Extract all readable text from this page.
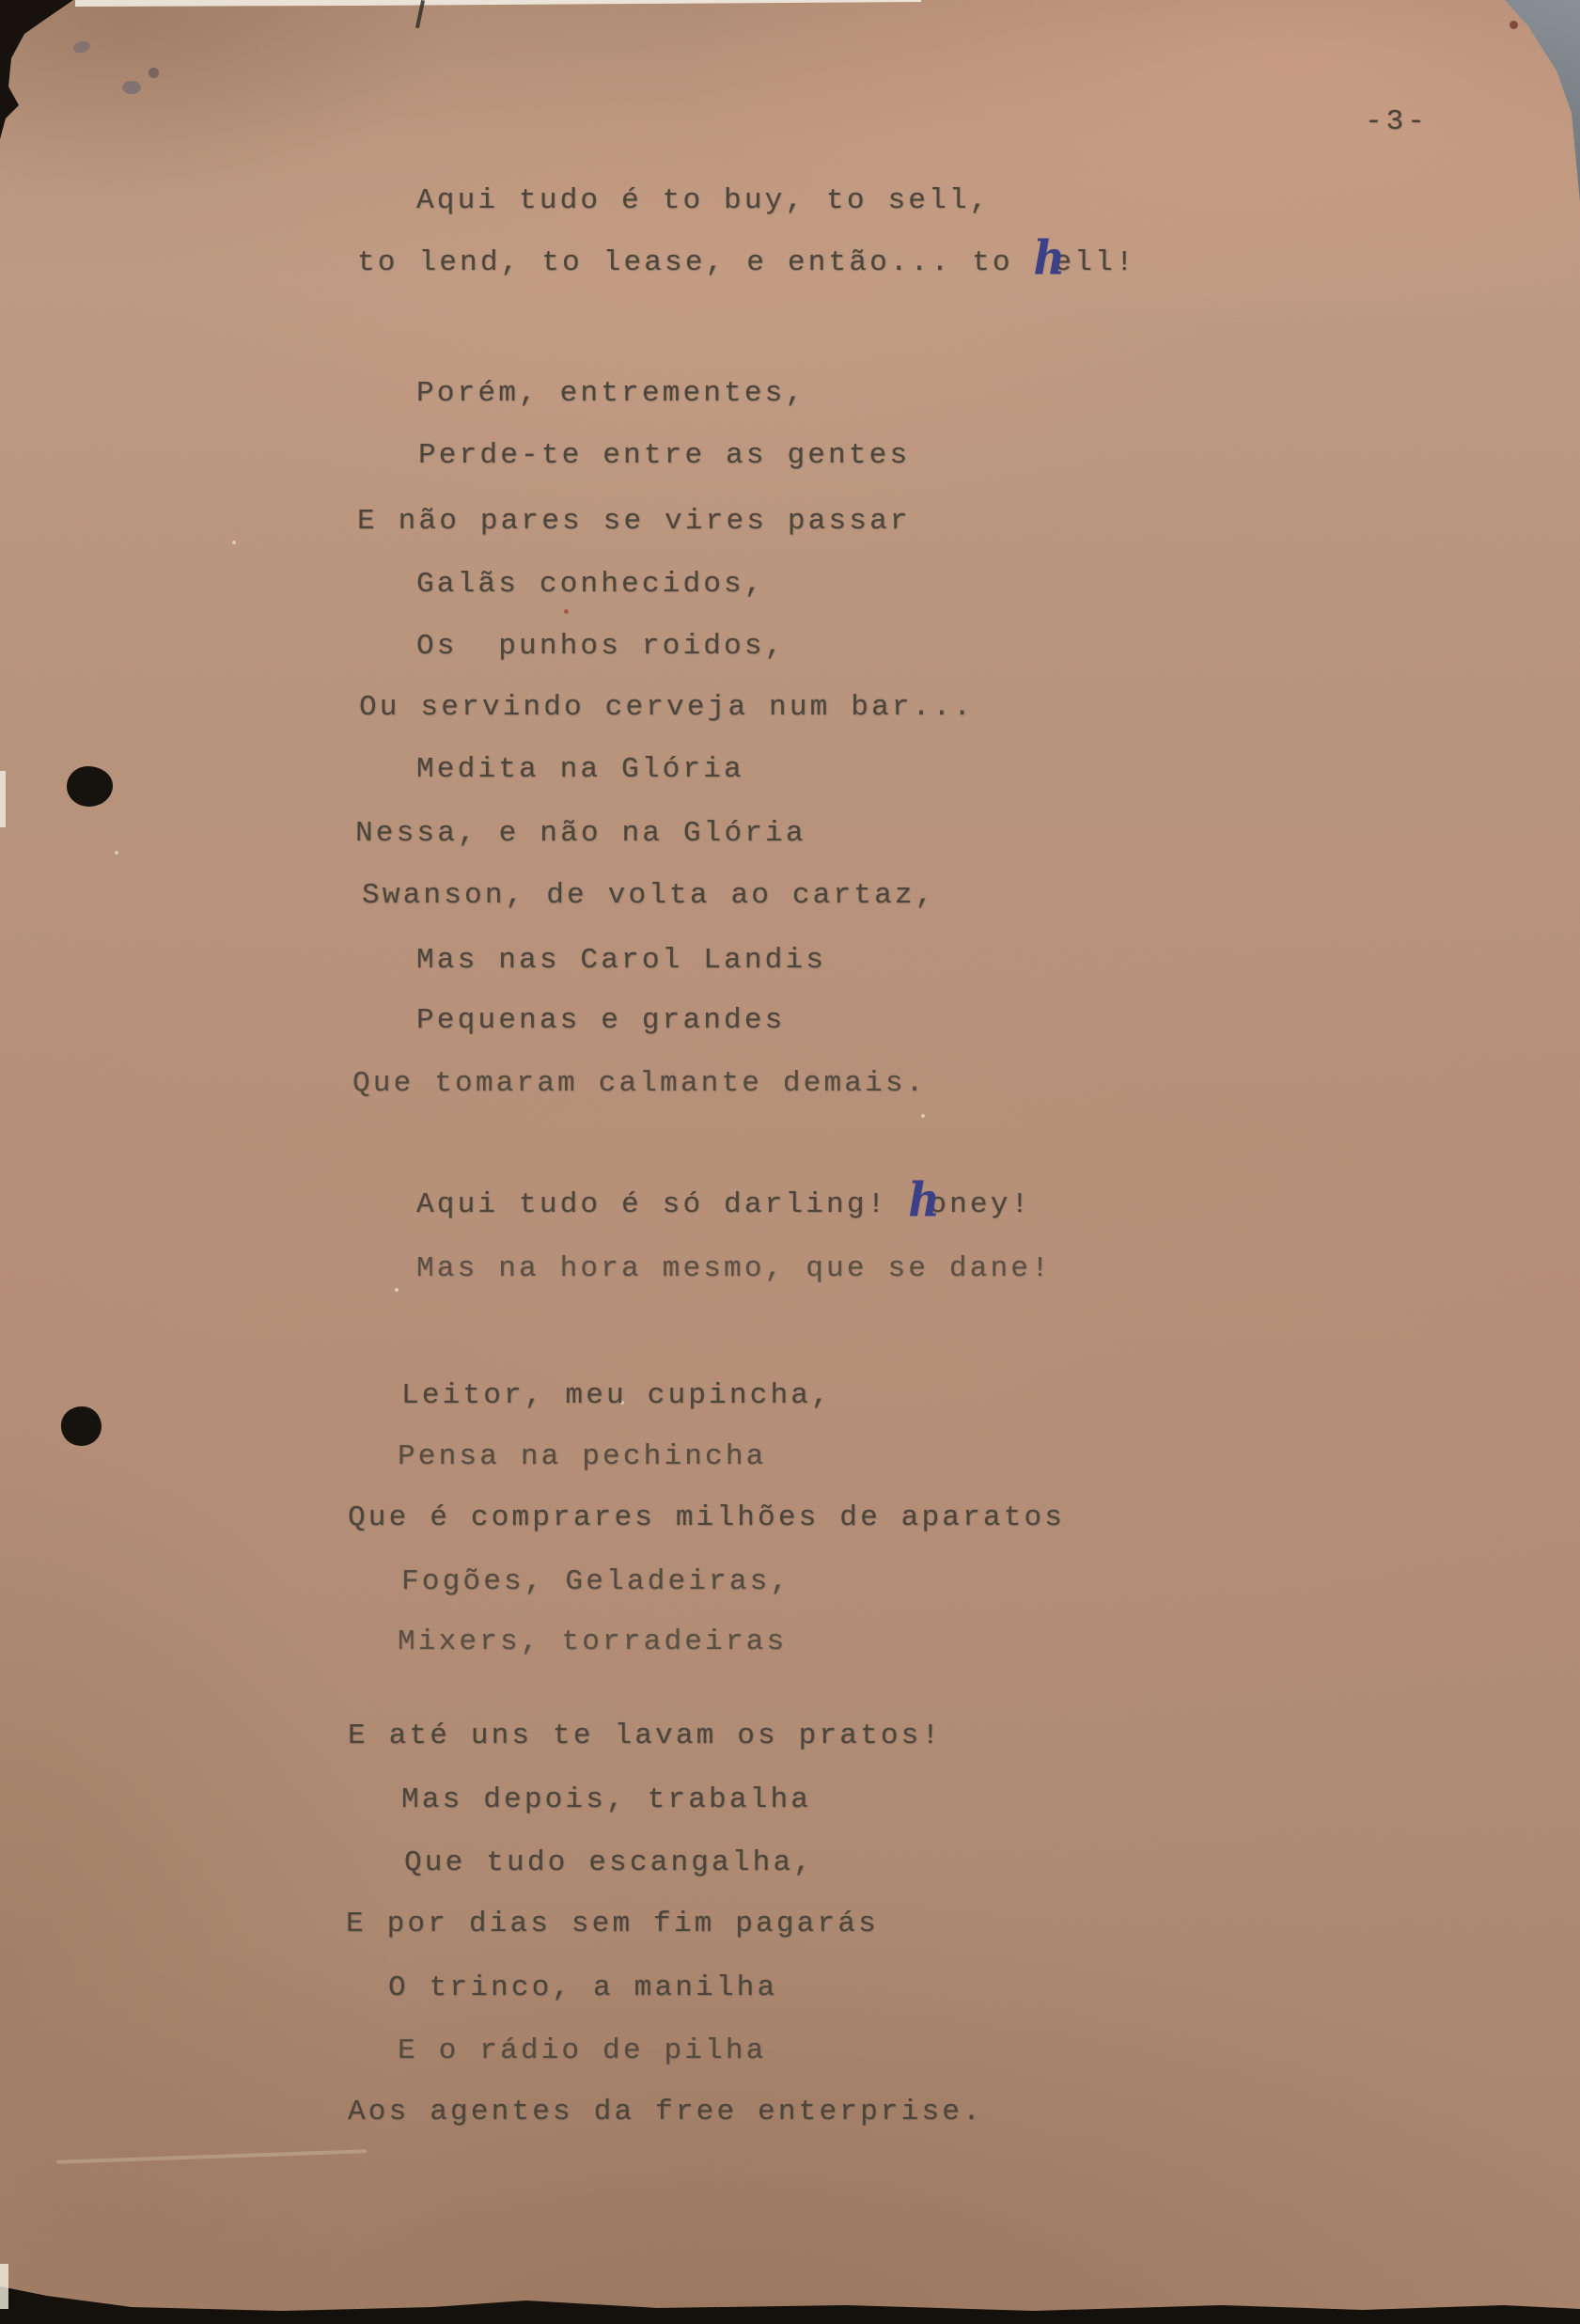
-3-
Aqui tudo é to buy, to sell,
to lend, to lease, e então... to hell!
Porém, entrementes,
Perde-te entre as gentes
E não pares se vires passar
Galãs conhecidos,
Os  punhos roidos,
Ou servindo cerveja num bar...
Medita na Glória
Nessa, e não na Glória
Swanson, de volta ao cartaz,
Mas nas Carol Landis
Pequenas e grandes
Que tomaram calmante demais.
Aqui tudo é só darling! honey!
Mas na hora mesmo, que se dane!
Leitor, meu cupincha,
Pensa na pechincha
Que é comprares milhões de aparatos
Fogões, Geladeiras,
Mixers, torradeiras
E até uns te lavam os pratos!
Mas depois, trabalha
Que tudo escangalha,
E por dias sem fim pagarás
O trinco, a manilha
E o rádio de pilha
Aos agentes da free enterprise.
